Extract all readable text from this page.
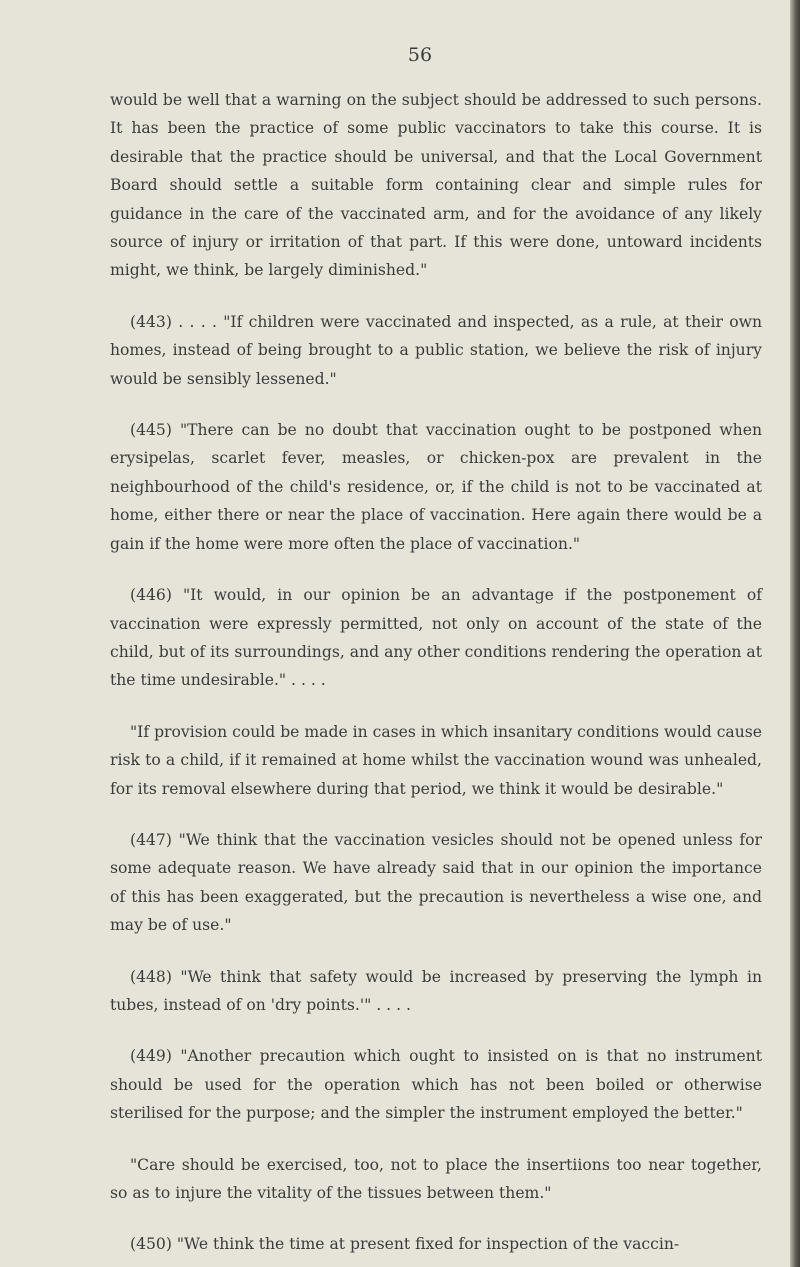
56

would be well that a warning on the subject should be addressed to such persons. It has been the practice of some public vaccinators to take this course. It is desirable that the practice should be universal, and that the Local Government Board should settle a suitable form containing clear and simple rules for guidance in the care of the vaccinated arm, and for the avoidance of any likely source of injury or irritation of that part. If this were done, untoward incidents might, we think, be largely diminished."

(443) . . . . "If children were vaccinated and inspected, as a rule, at their own homes, instead of being brought to a public station, we believe the risk of injury would be sensibly lessened."

(445) "There can be no doubt that vaccination ought to be postponed when erysipelas, scarlet fever, measles, or chicken-pox are prevalent in the neighbourhood of the child's residence, or, if the child is not to be vaccinated at home, either there or near the place of vaccination. Here again there would be a gain if the home were more often the place of vaccination."

(446) "It would, in our opinion be an advantage if the postponement of vaccination were expressly permitted, not only on account of the state of the child, but of its surroundings, and any other conditions rendering the operation at the time undesirable." . . . .

"If provision could be made in cases in which insanitary conditions would cause risk to a child, if it remained at home whilst the vaccination wound was unhealed, for its removal elsewhere during that period, we think it would be desirable."

(447) "We think that the vaccination vesicles should not be opened unless for some adequate reason. We have already said that in our opinion the importance of this has been exaggerated, but the precaution is nevertheless a wise one, and may be of use."

(448) "We think that safety would be increased by preserving the lymph in tubes, instead of on 'dry points.'" . . . .

(449) "Another precaution which ought to insisted on is that no instrument should be used for the operation which has not been boiled or otherwise sterilised for the purpose; and the simpler the instrument employed the better."

"Care should be exercised, too, not to place the insertiions too near together, so as to injure the vitality of the tissues between them."

(450) "We think the time at present fixed for inspection of the vaccin-
